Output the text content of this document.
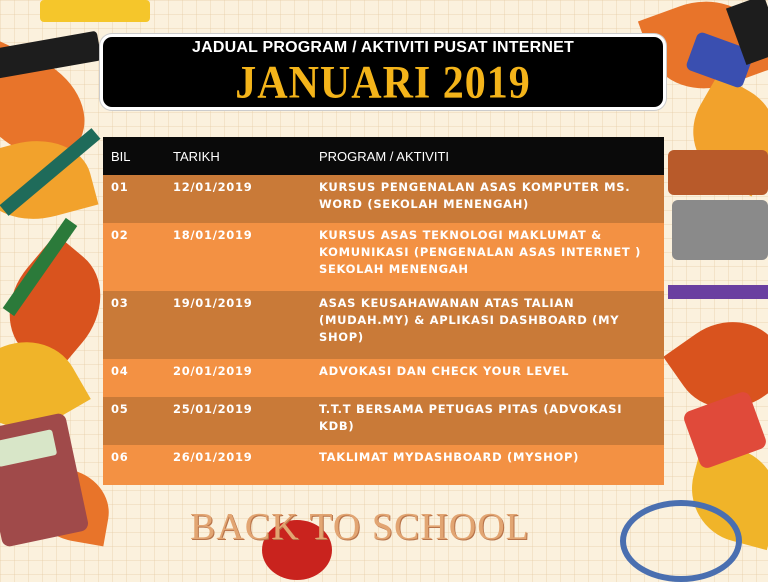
JADUAL PROGRAM / AKTIVITI PUSAT INTERNET
JANUARI 2019
BIL	TARIKH	PROGRAM / AKTIVITI
01	12/01/2019	KURSUS PENGENALAN ASAS KOMPUTER MS. WORD (SEKOLAH MENENGAH)
02	18/01/2019	KURSUS ASAS TEKNOLOGI MAKLUMAT & KOMUNIKASI (PENGENALAN ASAS INTERNET ) SEKOLAH MENENGAH
03	19/01/2019	ASAS KEUSAHAWANAN ATAS TALIAN (MUDAH.MY) & APLIKASI DASHBOARD (MY SHOP)
04	20/01/2019	ADVOKASI DAN CHECK YOUR LEVEL
05	25/01/2019	T.T.T BERSAMA PETUGAS PITAS (ADVOKASI KDB)
06	26/01/2019	TAKLIMAT MYDASHBOARD (MYSHOP)
BACK TO SCHOOL
